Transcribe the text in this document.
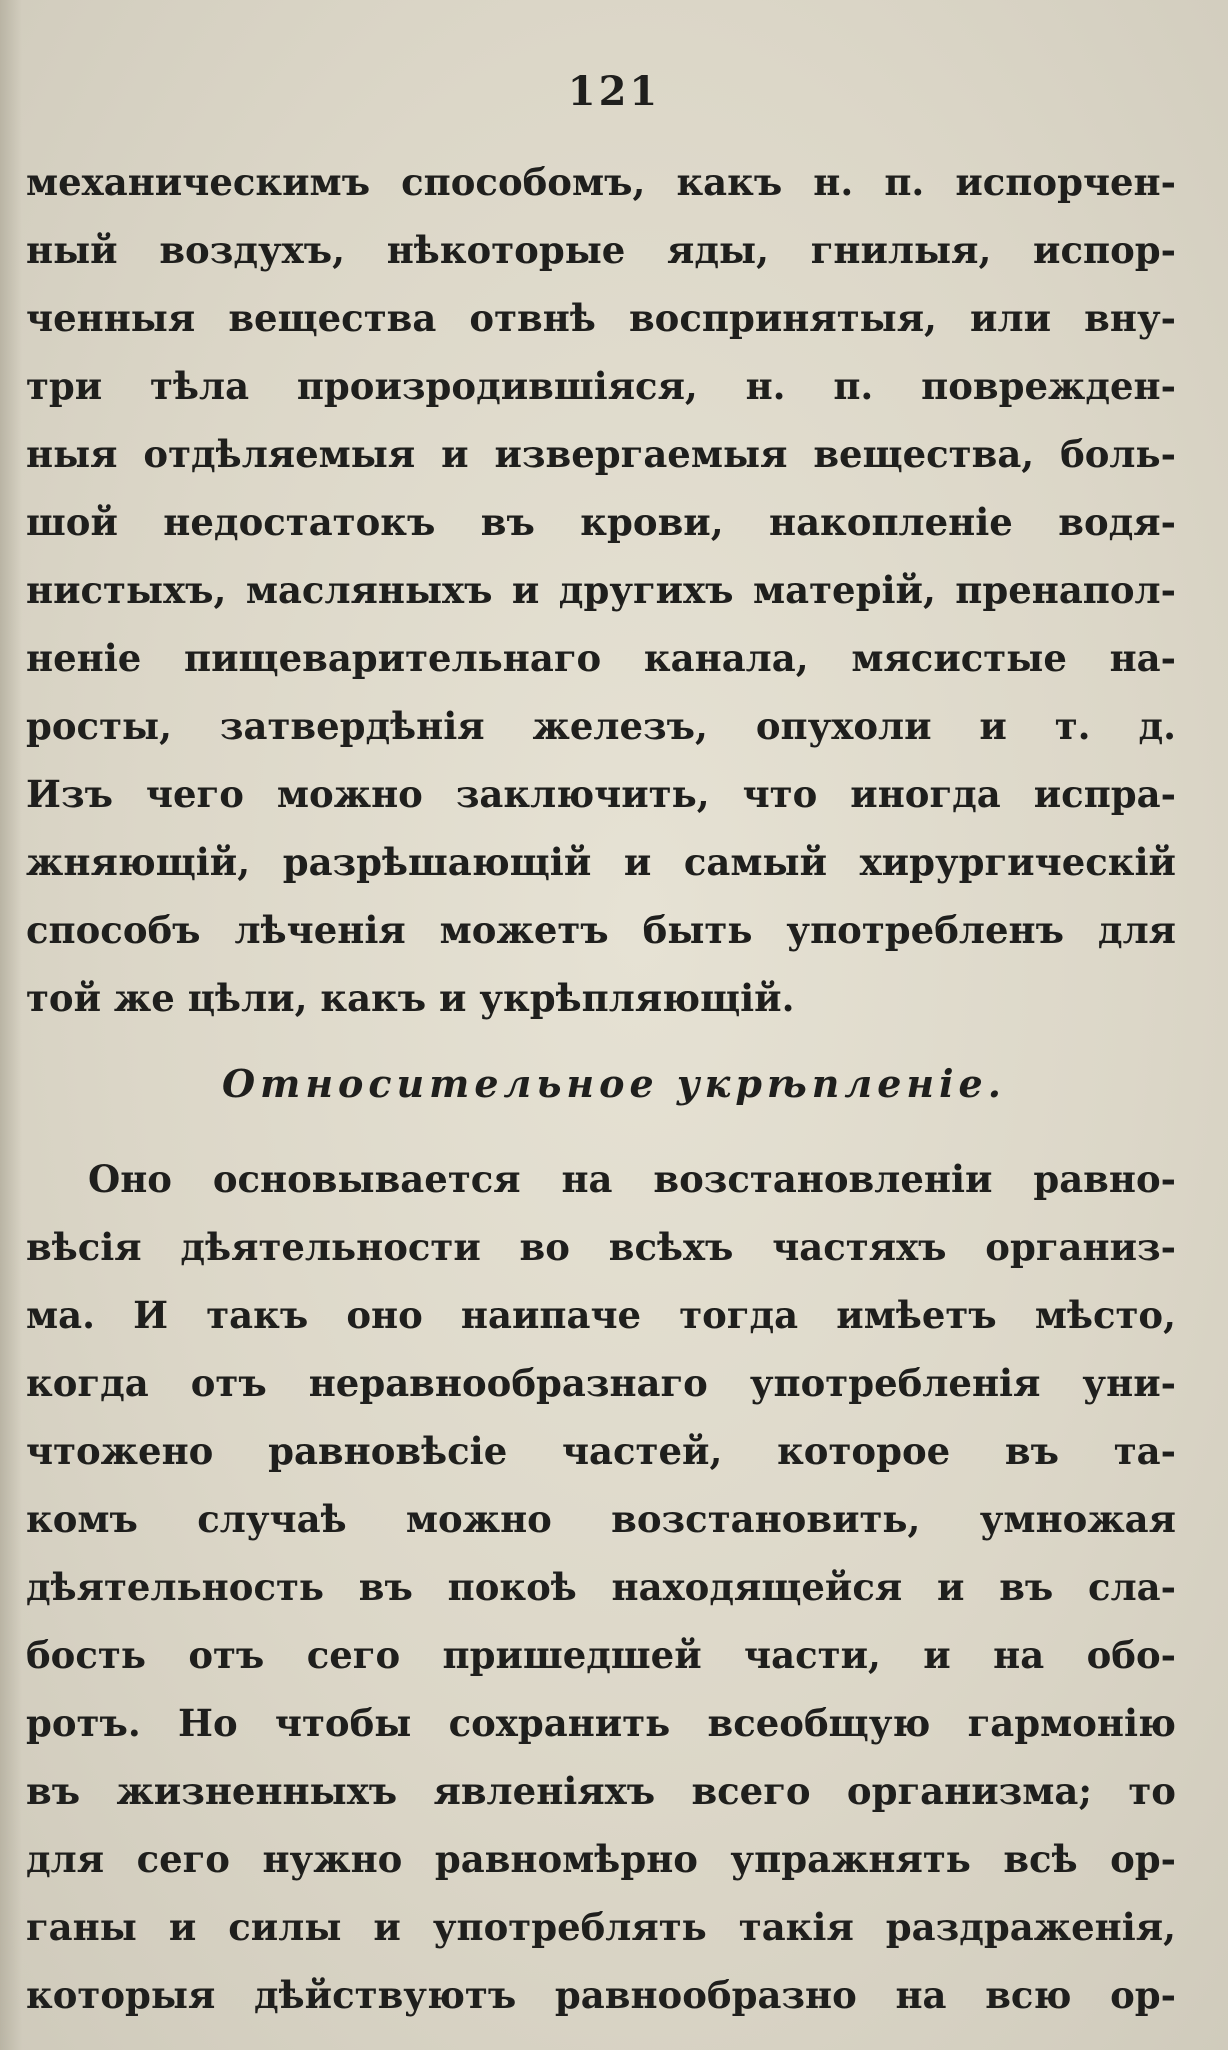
121
механическимъ способомъ, какъ н. п. испорчен-
ный воздухъ, нѣкоторые яды, гнилыя, испор-
ченныя вещества отвнѣ воспринятыя, или вну-
три тѣла произродившіяся, н. п. поврежден-
ныя отдѣляемыя и извергаемыя вещества, боль-
шой недостатокъ въ крови, накопленіе водя-
нистыхъ, масляныхъ и другихъ матерій, пренапол-
неніе пищеварительнаго канала, мясистые на-
росты, затвердѣнія железъ, опухоли и т. д.
Изъ чего можно заключить, что иногда испра-
жняющій, разрѣшающій и самый хирургическій
способъ лѣченія можетъ быть употребленъ для
той же цѣли, какъ и укрѣпляющій.
Относительное укрѣпленіе.
Оно основывается на возстановленіи равно-
вѣсія дѣятельности во всѣхъ частяхъ организ-
ма. И такъ оно наипаче тогда имѣетъ мѣсто,
когда отъ неравнообразнаго употребленія уни-
чтожено равновѣсіе частей, которое въ та-
комъ случаѣ можно возстановить, умножая
дѣятельность въ покоѣ находящейся и въ сла-
бость отъ сего пришедшей части, и на обо-
ротъ. Но чтобы сохранить всеобщую гармонію
въ жизненныхъ явленіяхъ всего организма; то
для сего нужно равномѣрно упражнять всѣ ор-
ганы и силы и употреблять такія раздраженія,
которыя дѣйствуютъ равнообразно на всю ор-
